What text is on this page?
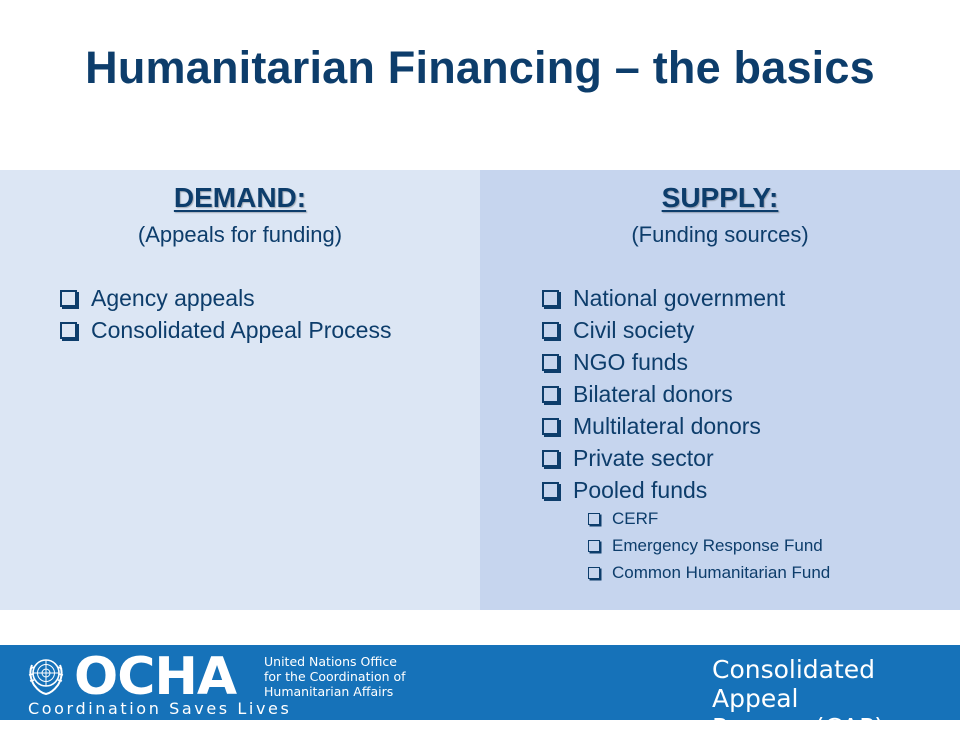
Humanitarian Financing – the basics
DEMAND:
(Appeals for funding)
Agency appeals
Consolidated Appeal Process
SUPPLY:
(Funding sources)
National government
Civil society
NGO funds
Bilateral donors
Multilateral donors
Private sector
Pooled funds
CERF
Emergency Response Fund
Common Humanitarian Fund
OCHA United Nations Office
for the Coordination of
Humanitarian Affairs
Coordination Saves Lives
Consolidated Appeal
Process (CAP)
